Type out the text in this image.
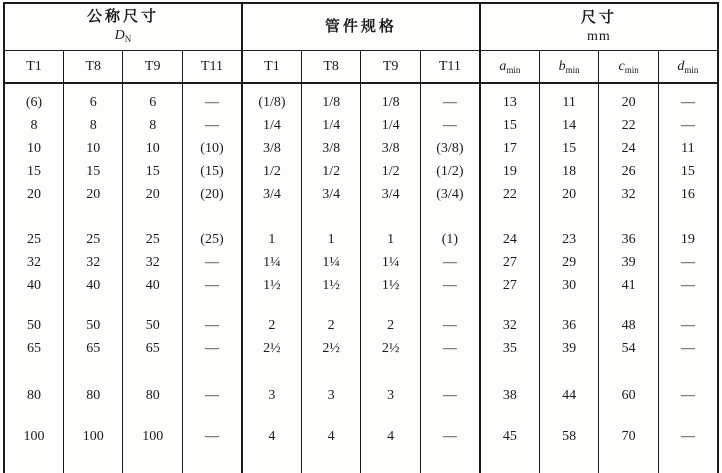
公称尺寸
$D_N$

管件规格

尺寸
mm

T1	T8	T9	T11	T1	T8	T9	T11	$a_{min}$	$b_{min}$	$c_{min}$	$d_{min}$
(6)	6	6	—	(1/8)	1/8	1/8	—	13	11	20	—
8	8	8	—	1/4	1/4	1/4	—	15	14	22	—
10	10	10	(10)	3/8	3/8	3/8	(3/8)	17	15	24	11
15	15	15	(15)	1/2	1/2	1/2	(1/2)	19	18	26	15
20	20	20	(20)	3/4	3/4	3/4	(3/4)	22	20	32	16
25	25	25	(25)	1	1	1	(1)	24	23	36	19
32	32	32	—	1¼	1¼	1¼	—	27	29	39	—
40	40	40	—	1½	1½	1½	—	27	30	41	—
50	50	50	—	2	2	2	—	32	36	48	—
65	65	65	—	2½	2½	2½	—	35	39	54	—
80	80	80	—	3	3	3	—	38	44	60	—
100	100	100	—	4	4	4	—	45	58	70	—
